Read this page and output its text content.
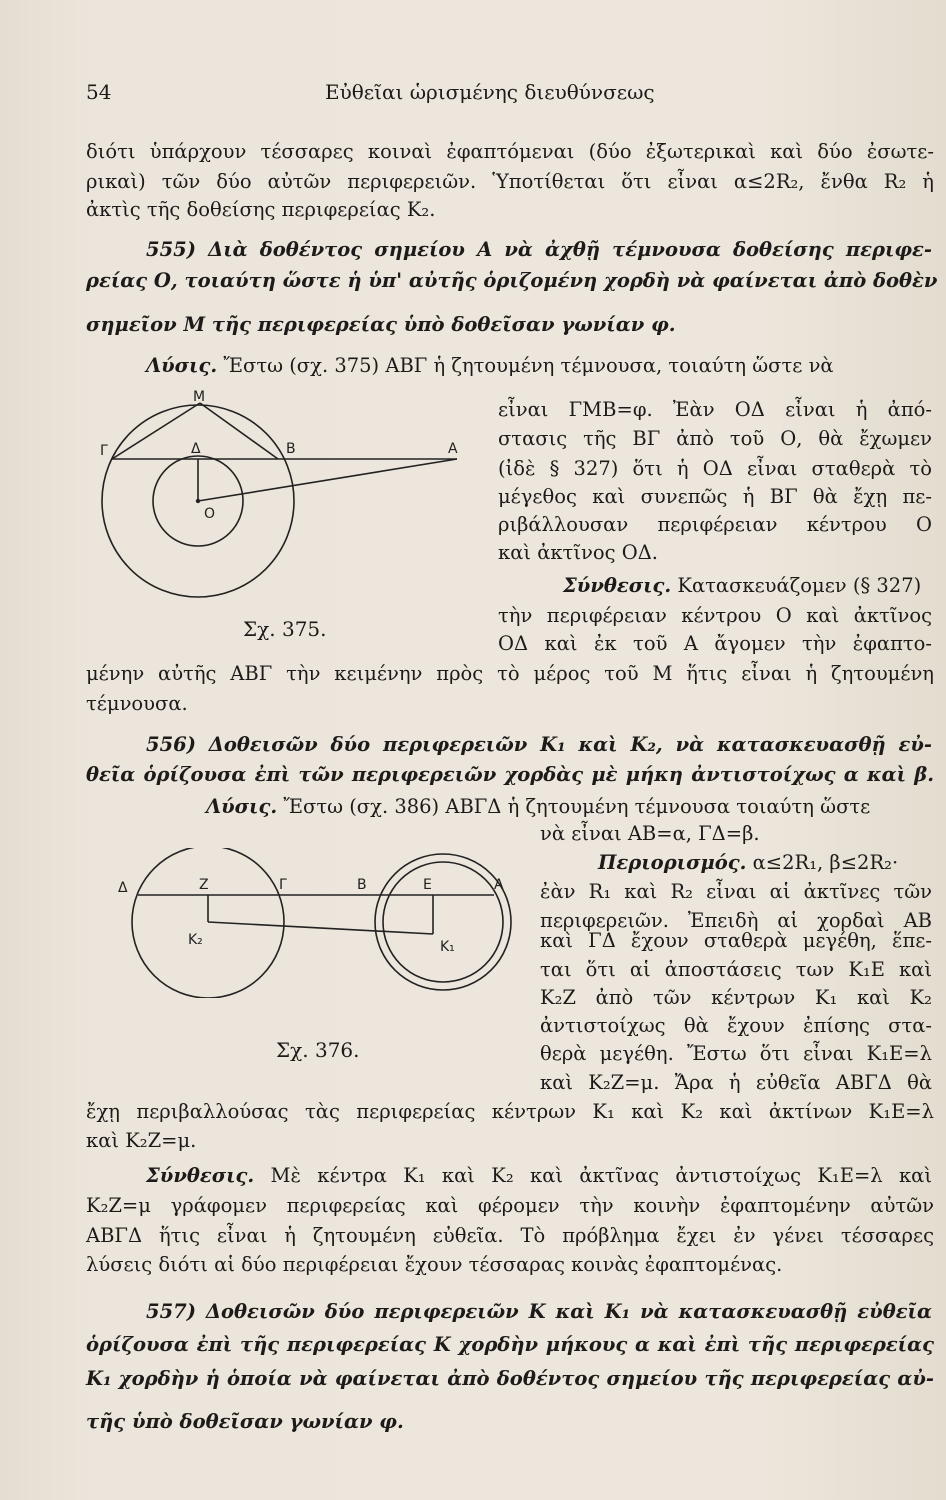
54	Εὐθεῖαι ὡρισμένης διευθύνσεως
διότι ὑπάρχουν τέσσαρες κοιναὶ ἐφαπτόμεναι (δύο ἐξωτερικαὶ καὶ δύο ἐσωτε-
ρικαὶ) τῶν δύο αὐτῶν περιφερειῶν. Ὑποτίθεται ὅτι εἶναι α≤2R₂, ἔνθα R₂ ἡ
ἀκτὶς τῆς δοθείσης περιφερείας K₂.
555) Διὰ δοθέντος σημείου Α νὰ ἀχθῇ τέμνουσα δοθείσης περιφε-
ρείας Ο, τοιαύτη ὥστε ἡ ὑπ' αὐτῆς ὁριζομένη χορδὴ νὰ φαίνεται ἀπὸ δοθὲν
σημεῖον Μ τῆς περιφερείας ὑπὸ δοθεῖσαν γωνίαν φ.
Λύσις. Ἔστω (σχ. 375) ΑΒΓ ἡ ζητουμένη τέμνουσα, τοιαύτη ὥστε νὰ
εἶναι ΓΜΒ=φ. Ἐὰν ΟΔ εἶναι ἡ ἀπό-
στασις τῆς ΒΓ ἀπὸ τοῦ Ο, θὰ ἔχωμεν
(ἰδὲ § 327) ὅτι ἡ ΟΔ εἶναι σταθερὰ τὸ
μέγεθος καὶ συνεπῶς ἡ ΒΓ θὰ ἔχῃ πε-
ριβάλλουσαν περιφέρειαν κέντρου Ο
καὶ ἀκτῖνος ΟΔ.
Σύνθεσις. Κατασκευάζομεν (§ 327)
τὴν περιφέρειαν κέντρου Ο καὶ ἀκτῖνος
ΟΔ καὶ ἐκ τοῦ Α ἄγομεν τὴν ἐφαπτο-
μένην αὐτῆς ΑΒΓ τὴν κειμένην πρὸς τὸ μέρος τοῦ Μ ἥτις εἶναι ἡ ζητουμένη
τέμνουσα.
M
Γ	Δ	B	A
O
Σχ. 375.
556) Δοθεισῶν δύο περιφερειῶν K₁ καὶ K₂, νὰ κατασκευασθῇ εὐ-
θεῖα ὁρίζουσα ἐπὶ τῶν περιφερειῶν χορδὰς μὲ μήκη ἀντιστοίχως α καὶ β.
Λύσις. Ἔστω (σχ. 386) ΑΒΓΔ ἡ ζητουμένη τέμνουσα τοιαύτη ὥστε
νὰ εἶναι ΑΒ=α, ΓΔ=β.
Περιορισμός. α≤2R₁, β≤2R₂·
ἐὰν R₁ καὶ R₂ εἶναι αἱ ἀκτῖνες τῶν
περιφερειῶν. Ἐπειδὴ αἱ χορδαὶ ΑΒ
καὶ ΓΔ ἔχουν σταθερὰ μεγέθη, ἕπε-
ται ὅτι αἱ ἀποστάσεις των K₁E καὶ
K₂Z ἀπὸ τῶν κέντρων K₁ καὶ K₂
ἀντιστοίχως θὰ ἔχουν ἐπίσης στα-
θερὰ μεγέθη. Ἔστω ὅτι εἶναι K₁E=λ
καὶ K₂Z=μ. Ἄρα ἡ εὐθεῖα ΑΒΓΔ θὰ
ἔχῃ περιβαλλούσας τὰς περιφερείας κέντρων K₁ καὶ K₂ καὶ ἀκτίνων K₁E=λ
καὶ K₂Z=μ.
Δ	Z	Γ	B	E	A
K₂	K₁
Σχ. 376.
Σύνθεσις. Μὲ κέντρα K₁ καὶ K₂ καὶ ἀκτῖνας ἀντιστοίχως K₁E=λ καὶ
K₂Z=μ γράφομεν περιφερείας καὶ φέρομεν τὴν κοινὴν ἐφαπτομένην αὐτῶν
ΑΒΓΔ ἥτις εἶναι ἡ ζητουμένη εὐθεῖα. Τὸ πρόβλημα ἔχει ἐν γένει τέσσαρες
λύσεις διότι αἱ δύο περιφέρειαι ἔχουν τέσσαρας κοινὰς ἐφαπτομένας.
557) Δοθεισῶν δύο περιφερειῶν K καὶ K₁ νὰ κατασκευασθῇ εὐθεῖα
ὁρίζουσα ἐπὶ τῆς περιφερείας K χορδὴν μήκους α καὶ ἐπὶ τῆς περιφερείας
K₁ χορδὴν ἡ ὁποία νὰ φαίνεται ἀπὸ δοθέντος σημείου τῆς περιφερείας αὐ-
τῆς ὑπὸ δοθεῖσαν γωνίαν φ.
